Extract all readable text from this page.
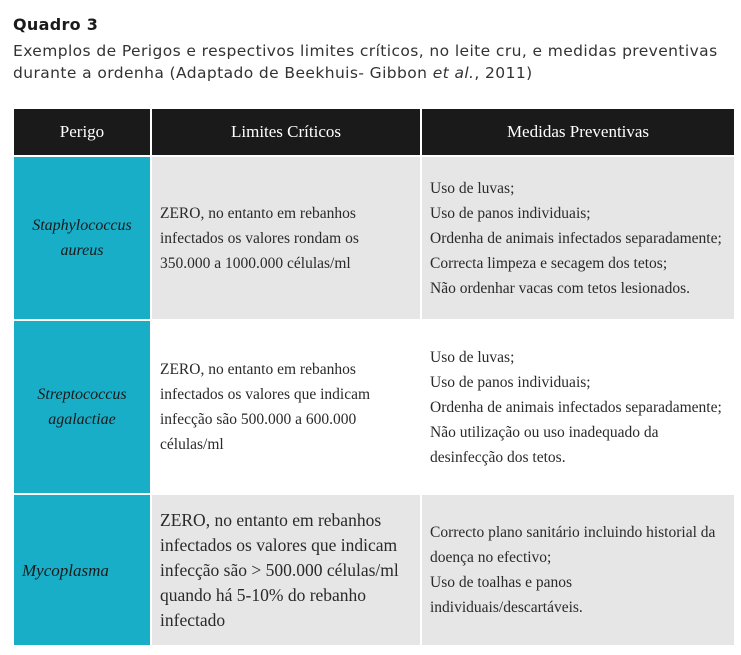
Quadro 3
Exemplos de Perigos e respectivos limites críticos, no leite cru, e medidas preventivas durante a ordenha (Adaptado de Beekhuis- Gibbon et al., 2011)
Perigo	Limites Críticos	Medidas Preventivas
Staphylococcus aureus	ZERO, no entanto em rebanhos infectados os valores rondam os 350.000 a 1000.000 células/ml	Uso de luvas;
Uso de panos individuais;
Ordenha de animais infectados separadamente;
Correcta limpeza e secagem dos tetos;
Não ordenhar vacas com tetos lesionados.

Streptococcus agalactiae	ZERO, no entanto em rebanhos infectados os valores que indicam infecção são 500.000 a 600.000 células/ml	Uso de luvas;
Uso de panos individuais;
Ordenha de animais infectados separadamente;
Não utilização ou uso inadequado da desinfecção dos tetos.

Mycoplasma	ZERO, no entanto em rebanhos infectados os valores que indicam infecção são > 500.000 células/ml quando há 5-10% do rebanho infectado	Correcto plano sanitário incluindo historial da doença no efectivo;
Uso de toalhas e panos individuais/descartáveis.
